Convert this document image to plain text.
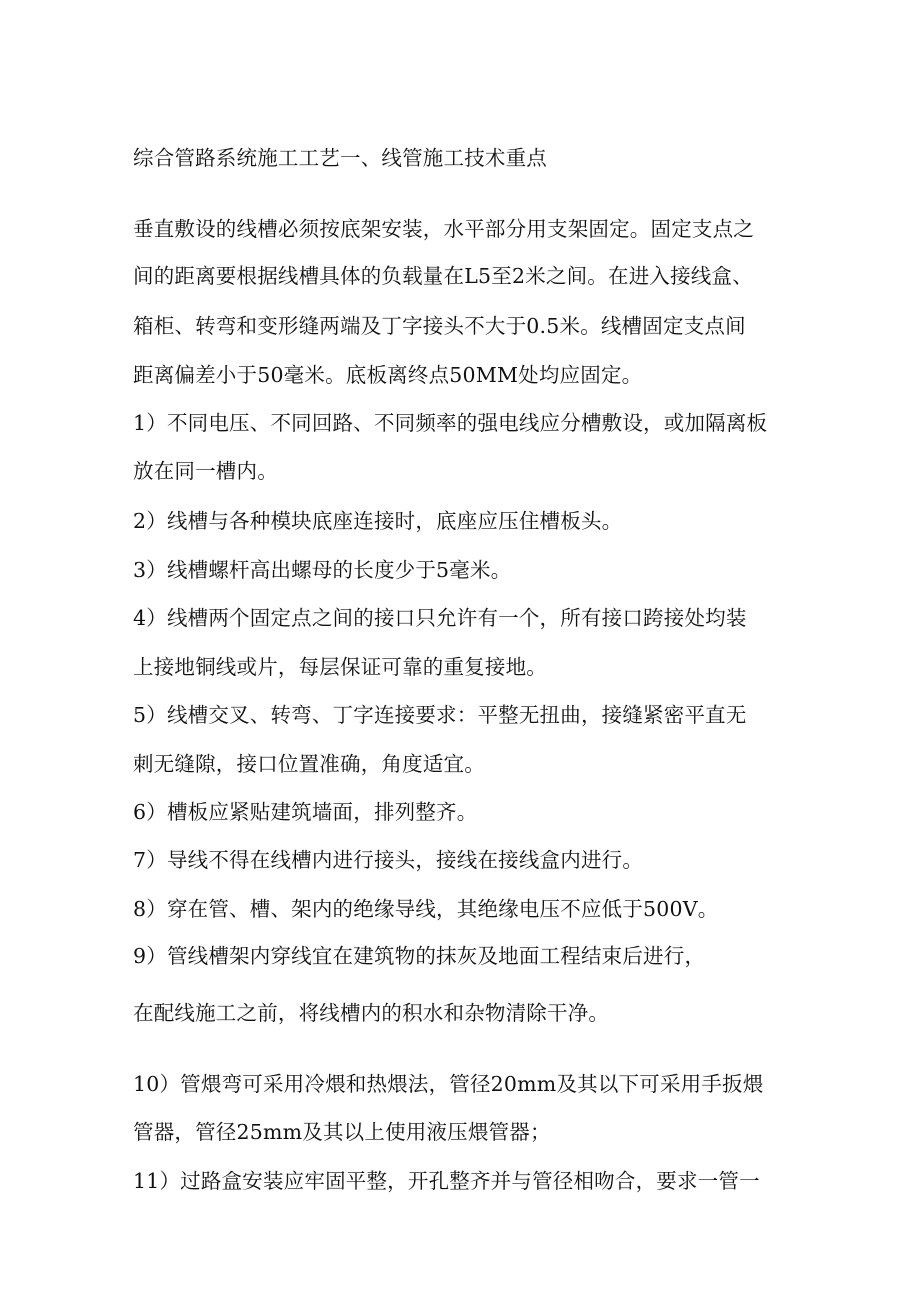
综合管路系统施工工艺一、线管施工技术重点
垂直敷设的线槽必须按底架安装，水平部分用支架固定。固定支点之
间的距离要根据线槽具体的负载量在L5至2米之间。在进入接线盒、
箱柜、转弯和变形缝两端及丁字接头不大于0.5米。线槽固定支点间
距离偏差小于50毫米。底板离终点50MM处均应固定。
1）不同电压、不同回路、不同频率的强电线应分槽敷设，或加隔离板
放在同一槽内。
2）线槽与各种模块底座连接时，底座应压住槽板头。
3）线槽螺杆高出螺母的长度少于5毫米。
4）线槽两个固定点之间的接口只允许有一个，所有接口跨接处均装
上接地铜线或片，每层保证可靠的重复接地。
5）线槽交叉、转弯、丁字连接要求：平整无扭曲，接缝紧密平直无
刺无缝隙，接口位置准确，角度适宜。
6）槽板应紧贴建筑墙面，排列整齐。
7）导线不得在线槽内进行接头，接线在接线盒内进行。
8）穿在管、槽、架内的绝缘导线，其绝缘电压不应低于500V。
9）管线槽架内穿线宜在建筑物的抹灰及地面工程结束后进行，
在配线施工之前，将线槽内的积水和杂物清除干净。
10）管煨弯可采用冷煨和热煨法，管径20mm及其以下可采用手扳煨
管器，管径25mm及其以上使用液压煨管器；
11）过路盒安装应牢固平整，开孔整齐并与管径相吻合，要求一管一
